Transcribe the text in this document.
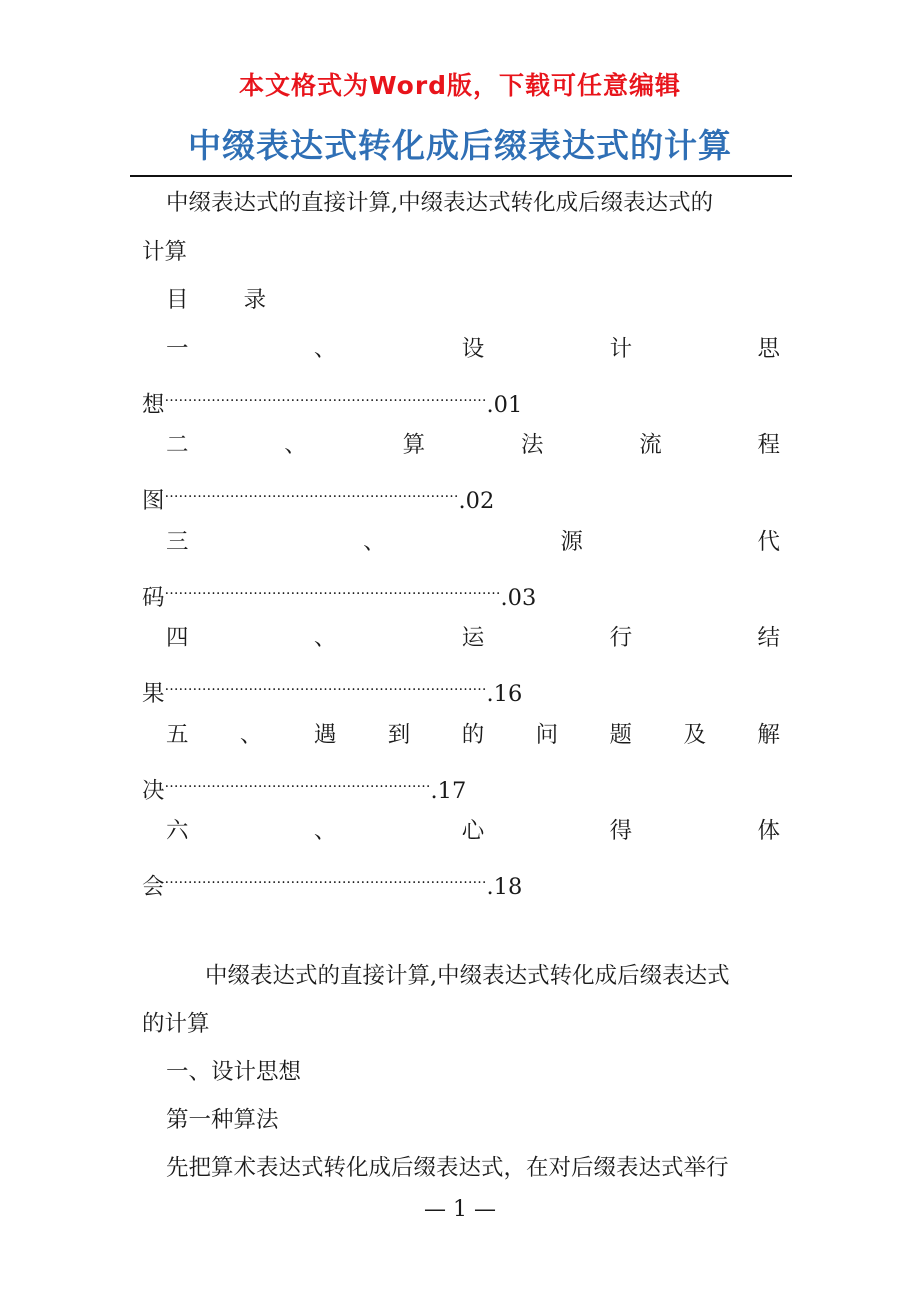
本文格式为Word版，下载可任意编辑
中缀表达式转化成后缀表达式的计算
中缀表达式的直接计算,中缀表达式转化成后缀表达式的
计算
目 录
一	、	设	计	思
想…………………………………………………………….01
二	、	算	法	流	程
图……………………………………………………….02
三	、	源	代
码……………………………………………………………….03
四	、	运	行	结
果…………………………………………………………….16
五 、 遇 到 的 问 题 及 解
决………………………………………………….17
六	、	心	得	体
会…………………………………………………………….18
中缀表达式的直接计算,中缀表达式转化成后缀表达式
的计算
一、设计思想
第一种算法
先把算术表达式转化成后缀表达式，在对后缀表达式举行
— 1 —
